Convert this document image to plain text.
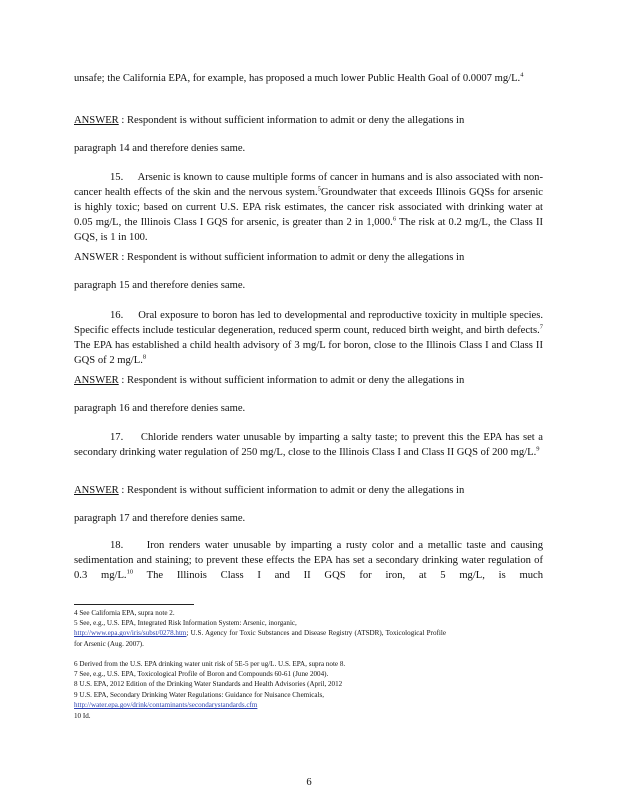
unsafe; the California EPA, for example, has proposed a much lower Public Health Goal of 0.0007 mg/L.$^4$
ANSWER : Respondent is without sufficient information to admit or deny the allegations in
paragraph 14 and therefore denies same.
15. Arsenic is known to cause multiple forms of cancer in humans and is also associated with non-cancer health effects of the skin and the nervous system.$^5$Groundwater that exceeds Illinois GQSs for arsenic is highly toxic; based on current U.S. EPA risk estimates, the cancer risk associated with drinking water at 0.05 mg/L, the Illinois Class I GQS for arsenic, is greater than 2 in 1,000.$^6$ The risk at 0.2 mg/L, the Class II GQS, is 1 in 100.
ANSWER : Respondent is without sufficient information to admit or deny the allegations in
paragraph 15 and therefore denies same.
16. Oral exposure to boron has led to developmental and reproductive toxicity in multiple species. Specific effects include testicular degeneration, reduced sperm count, reduced birth weight, and birth defects.$^7$ The EPA has established a child health advisory of 3 mg/L for boron, close to the Illinois Class I and Class II GQS of 2 mg/L.$^8$
ANSWER : Respondent is without sufficient information to admit or deny the allegations in
paragraph 16 and therefore denies same.
17. Chloride renders water unusable by imparting a salty taste; to prevent this the EPA has set a secondary drinking water regulation of 250 mg/L, close to the Illinois Class I and Class II GQS of 200 mg/L.$^9$
ANSWER : Respondent is without sufficient information to admit or deny the allegations in
paragraph 17 and therefore denies same.
18. Iron renders water unusable by imparting a rusty color and a metallic taste and causing sedimentation and staining; to prevent these effects the EPA has set a secondary drinking water regulation of 0.3 mg/L.$^{10}$ The Illinois Class I and II GQS for iron, at 5 mg/L, is much
4 See California EPA, supra note 2.
5 See, e.g., U.S. EPA, Integrated Risk Information System: Arsenic, inorganic,
http://www.epa.gov/iris/subst/0278.htm; U.S. Agency for Toxic Substances and Disease Registry (ATSDR), Toxicological Profile for Arsenic (Aug. 2007).
6 Derived from the U.S. EPA drinking water unit risk of 5E-5 per ug/L. U.S. EPA, supra note 8.
7 See, e.g., U.S. EPA, Toxicological Profile of Boron and Compounds 60-61 (June 2004).
8 U.S. EPA, 2012 Edition of the Drinking Water Standards and Health Advisories (April, 2012
9 U.S. EPA, Secondary Drinking Water Regulations: Guidance for Nuisance Chemicals,
http://water.epa.gov/drink/contaminants/secondarystandards.cfm
10 Id.
6
